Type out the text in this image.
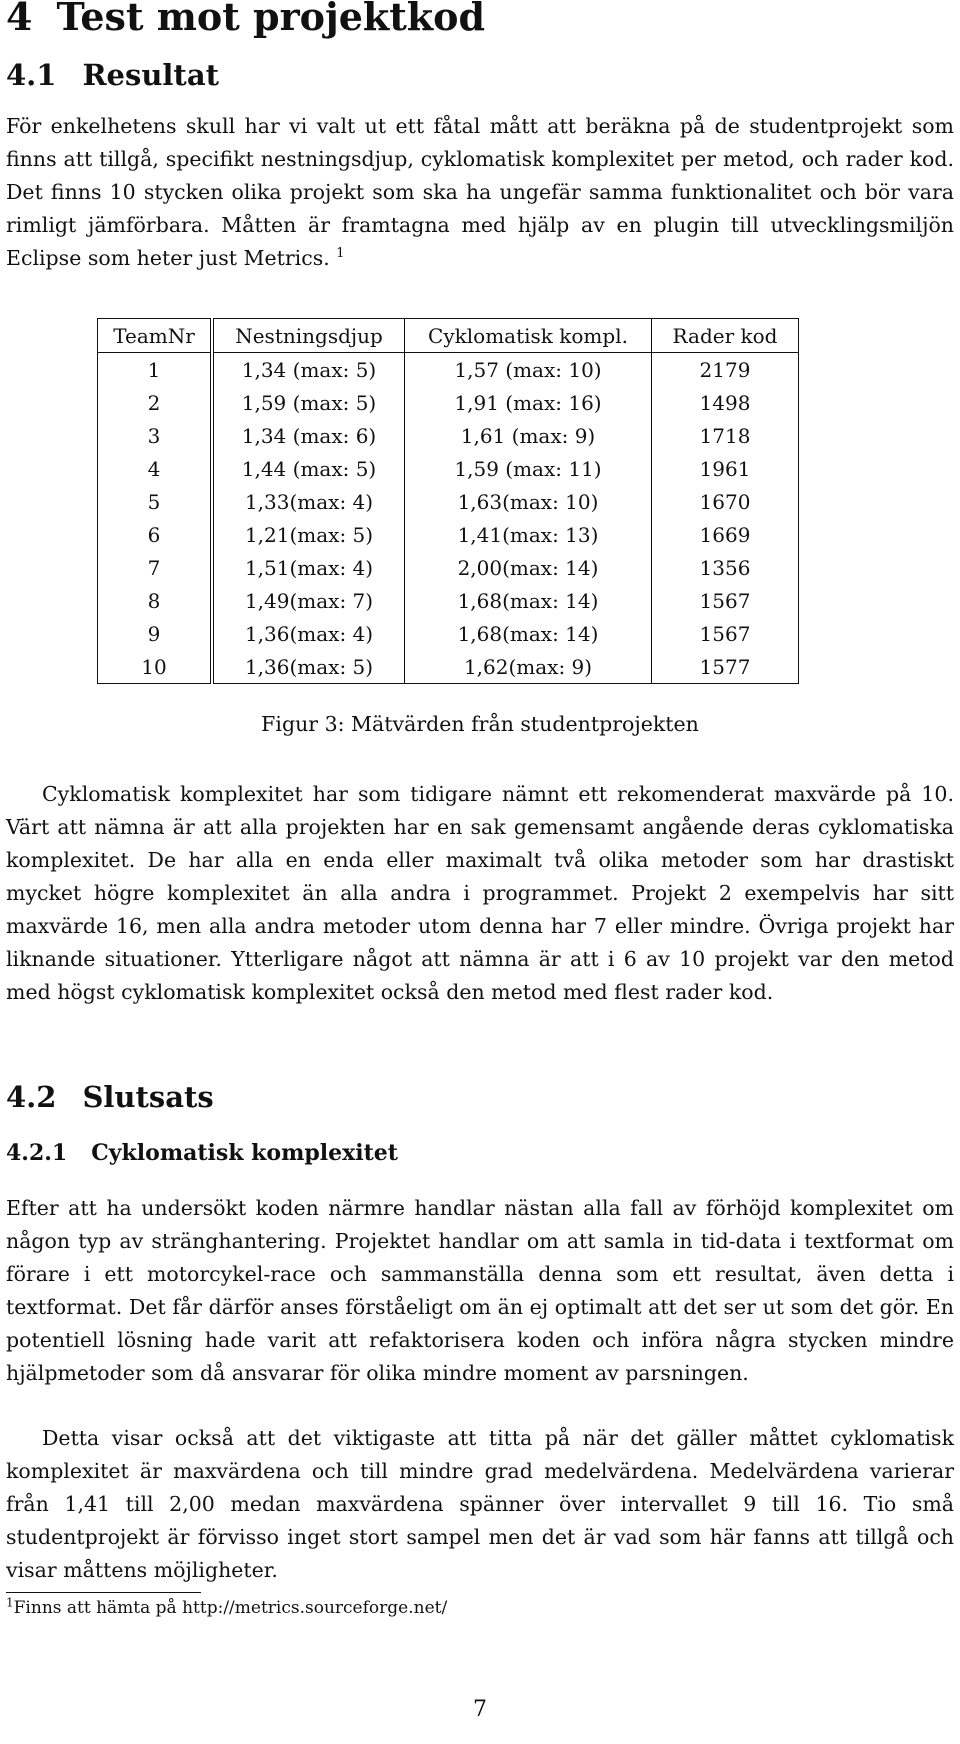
4 Test mot projektkod
4.1 Resultat

För enkelhetens skull har vi valt ut ett fåtal mått att beräkna på de studentprojekt som finns att tillgå, specifikt nestningsdjup, cyklomatisk komplexitet per metod, och rader kod. Det finns 10 stycken olika projekt som ska ha ungefär samma funktionalitet och bör vara rimligt jämförbara. Måtten är framtagna med hjälp av en plugin till utvecklingsmiljön Eclipse som heter just Metrics. $^1$

TeamNr	Nestningsdjup	Cyklomatisk kompl.	Rader kod
1	1,34 (max: 5)	1,57 (max: 10)	2179
2	1,59 (max: 5)	1,91 (max: 16)	1498
3	1,34 (max: 6)	1,61 (max: 9)	1718
4	1,44 (max: 5)	1,59 (max: 11)	1961
5	1,33(max: 4)	1,63(max: 10)	1670
6	1,21(max: 5)	1,41(max: 13)	1669
7	1,51(max: 4)	2,00(max: 14)	1356
8	1,49(max: 7)	1,68(max: 14)	1567
9	1,36(max: 4)	1,68(max: 14)	1567
10	1,36(max: 5)	1,62(max: 9)	1577

Figur 3: Mätvärden från studentprojekten

Cyklomatisk komplexitet har som tidigare nämnt ett rekomenderat maxvärde på 10. Värt att nämna är att alla projekten har en sak gemensamt angående deras cyklomatiska komplexitet. De har alla en enda eller maximalt två olika metoder som har drastiskt mycket högre komplexitet än alla andra i programmet. Projekt 2 exempelvis har sitt maxvärde 16, men alla andra metoder utom denna har 7 eller mindre. Övriga projekt har liknande situationer. Ytterligare något att nämna är att i 6 av 10 projekt var den metod med högst cyklomatisk komplexitet också den metod med flest rader kod.

4.2 Slutsats
4.2.1 Cyklomatisk komplexitet

Efter att ha undersökt koden närmre handlar nästan alla fall av förhöjd komplexitet om någon typ av stränghantering. Projektet handlar om att samla in tid-data i textformat om förare i ett motorcykel-race och sammanställa denna som ett resultat, även detta i textformat. Det får därför anses förståeligt om än ej optimalt att det ser ut som det gör. En potentiell lösning hade varit att refaktorisera koden och införa några stycken mindre hjälpmetoder som då ansvarar för olika mindre moment av parsningen.

Detta visar också att det viktigaste att titta på när det gäller måttet cyklomatisk komplexitet är maxvärdena och till mindre grad medelvärdena. Medelvärdena varierar från 1,41 till 2,00 medan maxvärdena spänner över intervallet 9 till 16. Tio små studentprojekt är förvisso inget stort sampel men det är vad som här fanns att tillgå och visar måttens möjligheter.

$^1$Finns att hämta på http://metrics.sourceforge.net/

7
